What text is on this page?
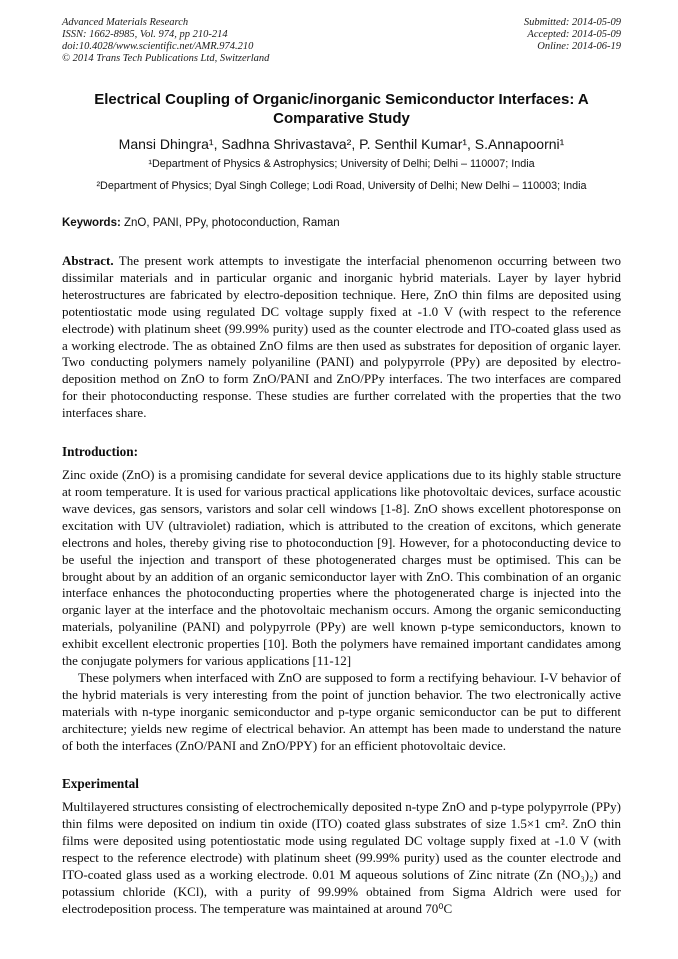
Advanced Materials Research
ISSN: 1662-8985, Vol. 974, pp 210-214
doi:10.4028/www.scientific.net/AMR.974.210
© 2014 Trans Tech Publications Ltd, Switzerland
Submitted: 2014-05-09
Accepted: 2014-05-09
Online: 2014-06-19
Electrical Coupling of Organic/inorganic Semiconductor Interfaces: A Comparative Study
Mansi Dhingra¹, Sadhna Shrivastava², P. Senthil Kumar¹, S.Annapoorni¹
¹Department of Physics & Astrophysics; University of Delhi; Delhi – 110007; India
²Department of Physics; Dyal Singh College; Lodi Road, University of Delhi; New Delhi – 110003; India

Keywords: ZnO, PANI, PPy, photoconduction, Raman

Abstract. The present work attempts to investigate the interfacial phenomenon occurring between two dissimilar materials and in particular organic and inorganic hybrid materials. Layer by layer hybrid heterostructures are fabricated by electro-deposition technique. Here, ZnO thin films are deposited using potentiostatic mode using regulated DC voltage supply fixed at -1.0 V (with respect to the reference electrode) with platinum sheet (99.99% purity) used as the counter electrode and ITO-coated glass used as a working electrode. The as obtained ZnO films are then used as substrates for deposition of organic layer. Two conducting polymers namely polyaniline (PANI) and polypyrrole (PPy) are deposited by electro-deposition method on ZnO to form ZnO/PANI and ZnO/PPy interfaces. The two interfaces are compared for their photoconducting response. These studies are further correlated with the properties that the two interfaces share.

Introduction:

Zinc oxide (ZnO) is a promising candidate for several device applications due to its highly stable structure at room temperature. It is used for various practical applications like photovoltaic devices, surface acoustic wave devices, gas sensors, varistors and solar cell windows [1-8]. ZnO shows excellent photoresponse on excitation with UV (ultraviolet) radiation, which is attributed to the creation of excitons, which generate electrons and holes, thereby giving rise to photoconduction [9]. However, for a photoconducting device to be useful the injection and transport of these photogenerated charges must be optimised. This can be brought about by an addition of an organic semiconductor layer with ZnO. This combination of an organic interface enhances the photoconducting properties where the photogenerated charge is injected into the organic layer at the interface and the photovoltaic mechanism occurs. Among the organic semiconducting materials, polyaniline (PANI) and polypyrrole (PPy) are well known p-type semiconductors, known to exhibit excellent electronic properties [10]. Both the polymers have remained important candidates among the conjugate polymers for various applications [11-12]

These polymers when interfaced with ZnO are supposed to form a rectifying behaviour. I-V behavior of the hybrid materials is very interesting from the point of junction behavior. The two electronically active materials with n-type inorganic semiconductor and p-type organic semiconductor can be put to different architecture; yields new regime of electrical behavior. An attempt has been made to understand the nature of both the interfaces (ZnO/PANI and ZnO/PPY) for an efficient photovoltaic device.

Experimental

Multilayered structures consisting of electrochemically deposited n-type ZnO and p-type polypyrrole (PPy) thin films were deposited on indium tin oxide (ITO) coated glass substrates of size 1.5×1 cm². ZnO thin films were deposited using potentiostatic mode using regulated DC voltage supply fixed at -1.0 V (with respect to the reference electrode) with platinum sheet (99.99% purity) used as the counter electrode and ITO-coated glass used as a working electrode. 0.01 M aqueous solutions of Zinc nitrate (Zn (NO₃)₂) and potassium chloride (KCl), with a purity of 99.99% obtained from Sigma Aldrich were used for electrodeposition process. The temperature was maintained at around 70⁰C
